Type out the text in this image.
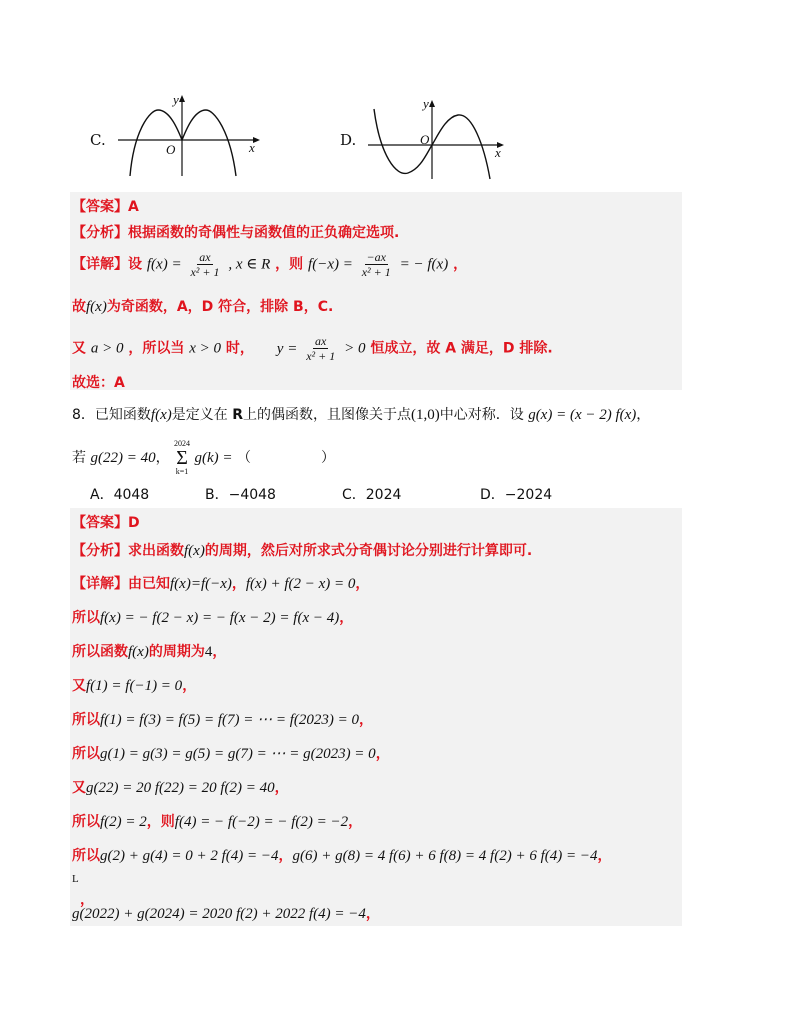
C.
y
x
O
D.
y
x
O
【答案】A
【分析】根据函数的奇偶性与函数值的正负确定选项.
【详解】设 $f(x) = \frac{ax}{\text{x² + 1}}$ , x ∈ R ，则 $f(-x) = \frac{-ax}{\text{x² + 1}}$ = − f(x) ，
故f(x)为奇函数，A，D 符合，排除 B，C.
又 a > 0 ，所以当 x > 0 时， $y = \frac{ax}{\text{x² + 1}} > 0$ 恒成立，故 A 满足，D 排除.
故选：A
8．已知函数f(x)是定义在 R上的偶函数，且图像关于点(1,0)中心对称．设 g(x) = (x − 2) f(x)，
若 g(22) = 40，
2024
Σ
k=1
g(k) = （　　　　　）
A．4048	B．−4048	C．2024	D．−2024
【答案】D
【分析】求出函数f(x)的周期，然后对所求式分奇偶讨论分别进行计算即可.
【详解】由已知f(x)=f(−x)，f(x) + f(2 − x) = 0，
所以f(x) = − f(2 − x) = − f(x − 2) = f(x − 4)，
所以函数f(x)的周期为4，
又f(1) = f(−1) = 0，
所以f(1) = f(3) = f(5) = f(7) = ⋯ = f(2023) = 0，
所以g(1) = g(3) = g(5) = g(7) = ⋯ = g(2023) = 0，
又g(22) = 20 f(22) = 20 f(2) = 40，
所以f(2) = 2，则f(4) = − f(−2) = − f(2) = −2，
所以g(2) + g(4) = 0 + 2 f(4) = −4，g(6) + g(8) = 4 f(6) + 6 f(8) = 4 f(2) + 6 f(4) = −4，
$^L$
，
g(2022) + g(2024) = 2020 f(2) + 2022 f(4) = −4，
